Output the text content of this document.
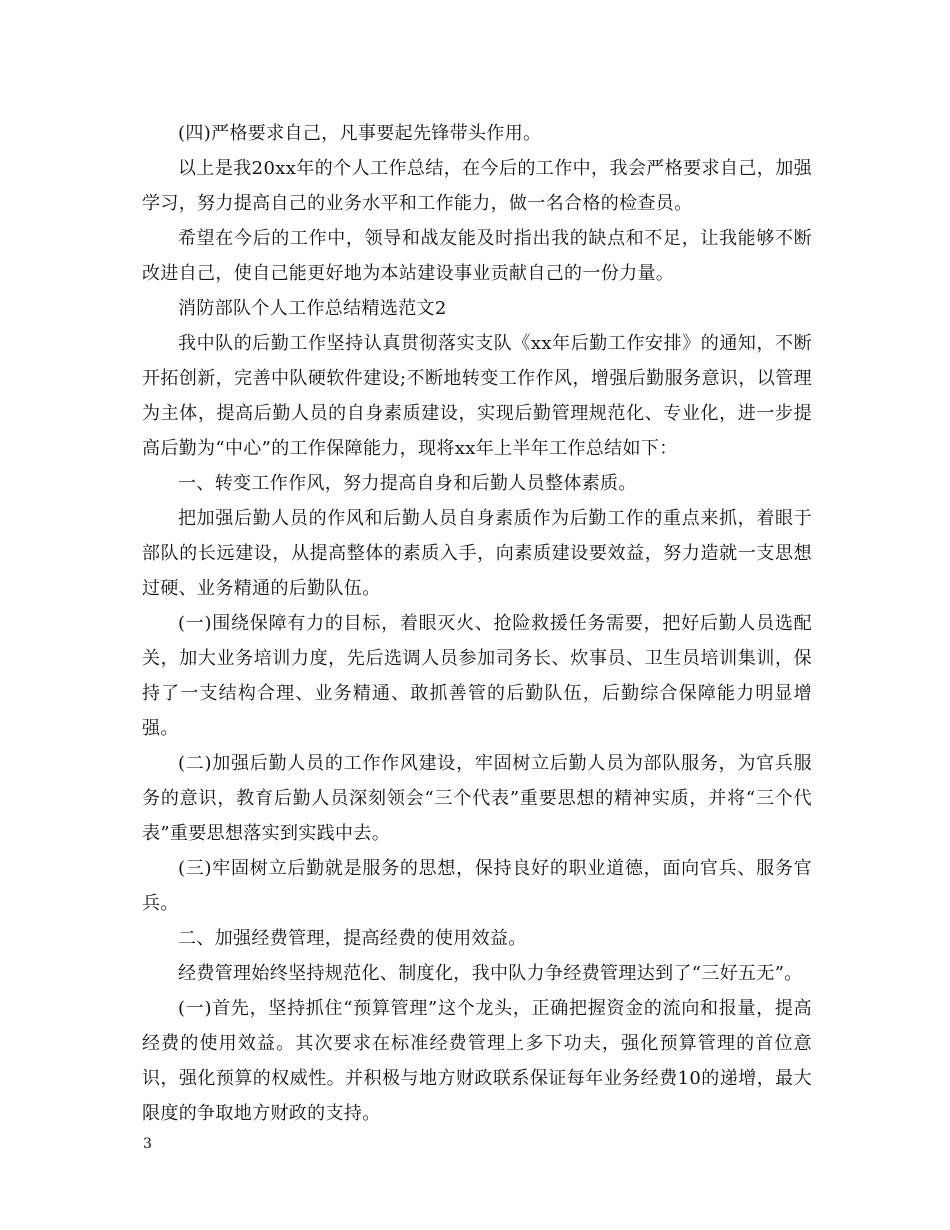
(四)严格要求自己，凡事要起先锋带头作用。

以上是我20xx年的个人工作总结，在今后的工作中，我会严格要求自己，加强学习，努力提高自己的业务水平和工作能力，做一名合格的检查员。

希望在今后的工作中，领导和战友能及时指出我的缺点和不足，让我能够不断改进自己，使自己能更好地为本站建设事业贡献自己的一份力量。

消防部队个人工作总结精选范文2

我中队的后勤工作坚持认真贯彻落实支队《xx年后勤工作安排》的通知，不断开拓创新，完善中队硬软件建设;不断地转变工作作风，增强后勤服务意识，以管理为主体，提高后勤人员的自身素质建设，实现后勤管理规范化、专业化，进一步提高后勤为“中心”的工作保障能力，现将xx年上半年工作总结如下：

一、转变工作作风，努力提高自身和后勤人员整体素质。

把加强后勤人员的作风和后勤人员自身素质作为后勤工作的重点来抓，着眼于部队的长远建设，从提高整体的素质入手，向素质建设要效益，努力造就一支思想过硬、业务精通的后勤队伍。

(一)围绕保障有力的目标，着眼灭火、抢险救援任务需要，把好后勤人员选配关，加大业务培训力度，先后选调人员参加司务长、炊事员、卫生员培训集训，保持了一支结构合理、业务精通、敢抓善管的后勤队伍，后勤综合保障能力明显增强。

(二)加强后勤人员的工作作风建设，牢固树立后勤人员为部队服务，为官兵服务的意识，教育后勤人员深刻领会“三个代表”重要思想的精神实质，并将“三个代表”重要思想落实到实践中去。

(三)牢固树立后勤就是服务的思想，保持良好的职业道德，面向官兵、服务官兵。

二、加强经费管理，提高经费的使用效益。

经费管理始终坚持规范化、制度化，我中队力争经费管理达到了“三好五无”。

(一)首先，坚持抓住“预算管理”这个龙头，正确把握资金的流向和报量，提高经费的使用效益。其次要求在标准经费管理上多下功夫，强化预算管理的首位意识，强化预算的权威性。并积极与地方财政联系保证每年业务经费10的递增，最大限度的争取地方财政的支持。

3
